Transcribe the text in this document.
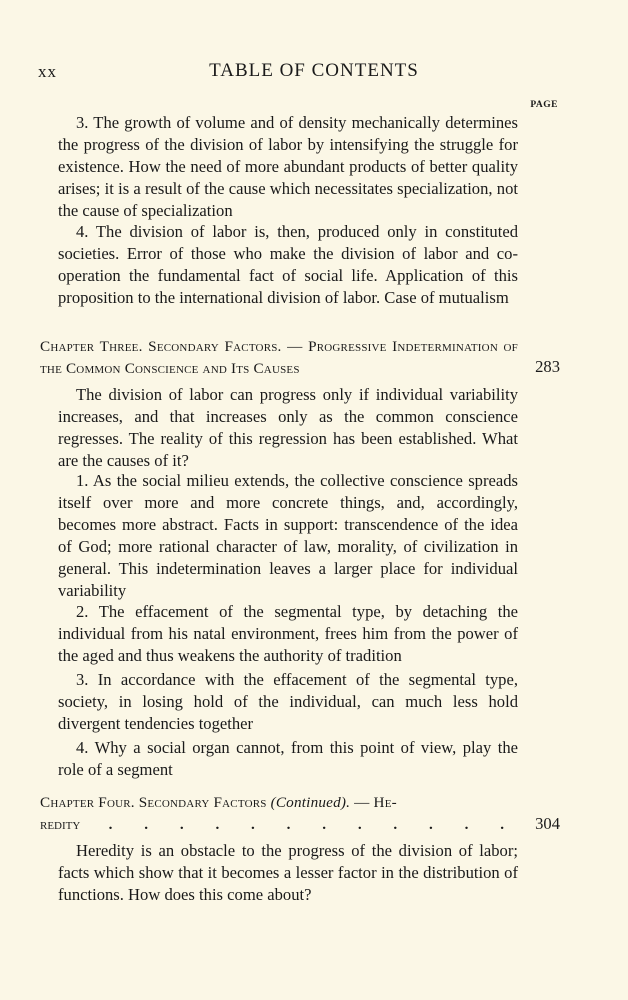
xx	TABLE OF CONTENTS
PAGE

3. The growth of volume and of density mechanically determines the progress of the division of labor by intensifying the struggle for existence. How the need of more abundant products of better quality arises; it is a result of the cause which necessitates specialization, not the cause of specialization

4. The division of labor is, then, produced only in constituted societies. Error of those who make the division of labor and co-operation the fundamental fact of social life. Application of this proposition to the international division of labor. Case of mutualism

Chapter Three. Secondary Factors. — Progressive Indetermination of the Common Conscience and Its Causes	283

The division of labor can progress only if individual variability increases, and that increases only as the common conscience regresses. The reality of this regression has been established. What are the causes of it?

1. As the social milieu extends, the collective conscience spreads itself over more and more concrete things, and, accordingly, becomes more abstract. Facts in support: transcendence of the idea of God; more rational character of law, morality, of civilization in general. This indetermination leaves a larger place for individual variability

2. The effacement of the segmental type, by detaching the individual from his natal environment, frees him from the power of the aged and thus weakens the authority of tradition

3. In accordance with the effacement of the segmental type, society, in losing hold of the individual, can much less hold divergent tendencies together

4. Why a social organ cannot, from this point of view, play the role of a segment

Chapter Four. Secondary Factors (Continued). — He-
redity	. . . . . . . . . . . . 304

Heredity is an obstacle to the progress of the division of labor; facts which show that it becomes a lesser factor in the distribution of functions. How does this come about?
